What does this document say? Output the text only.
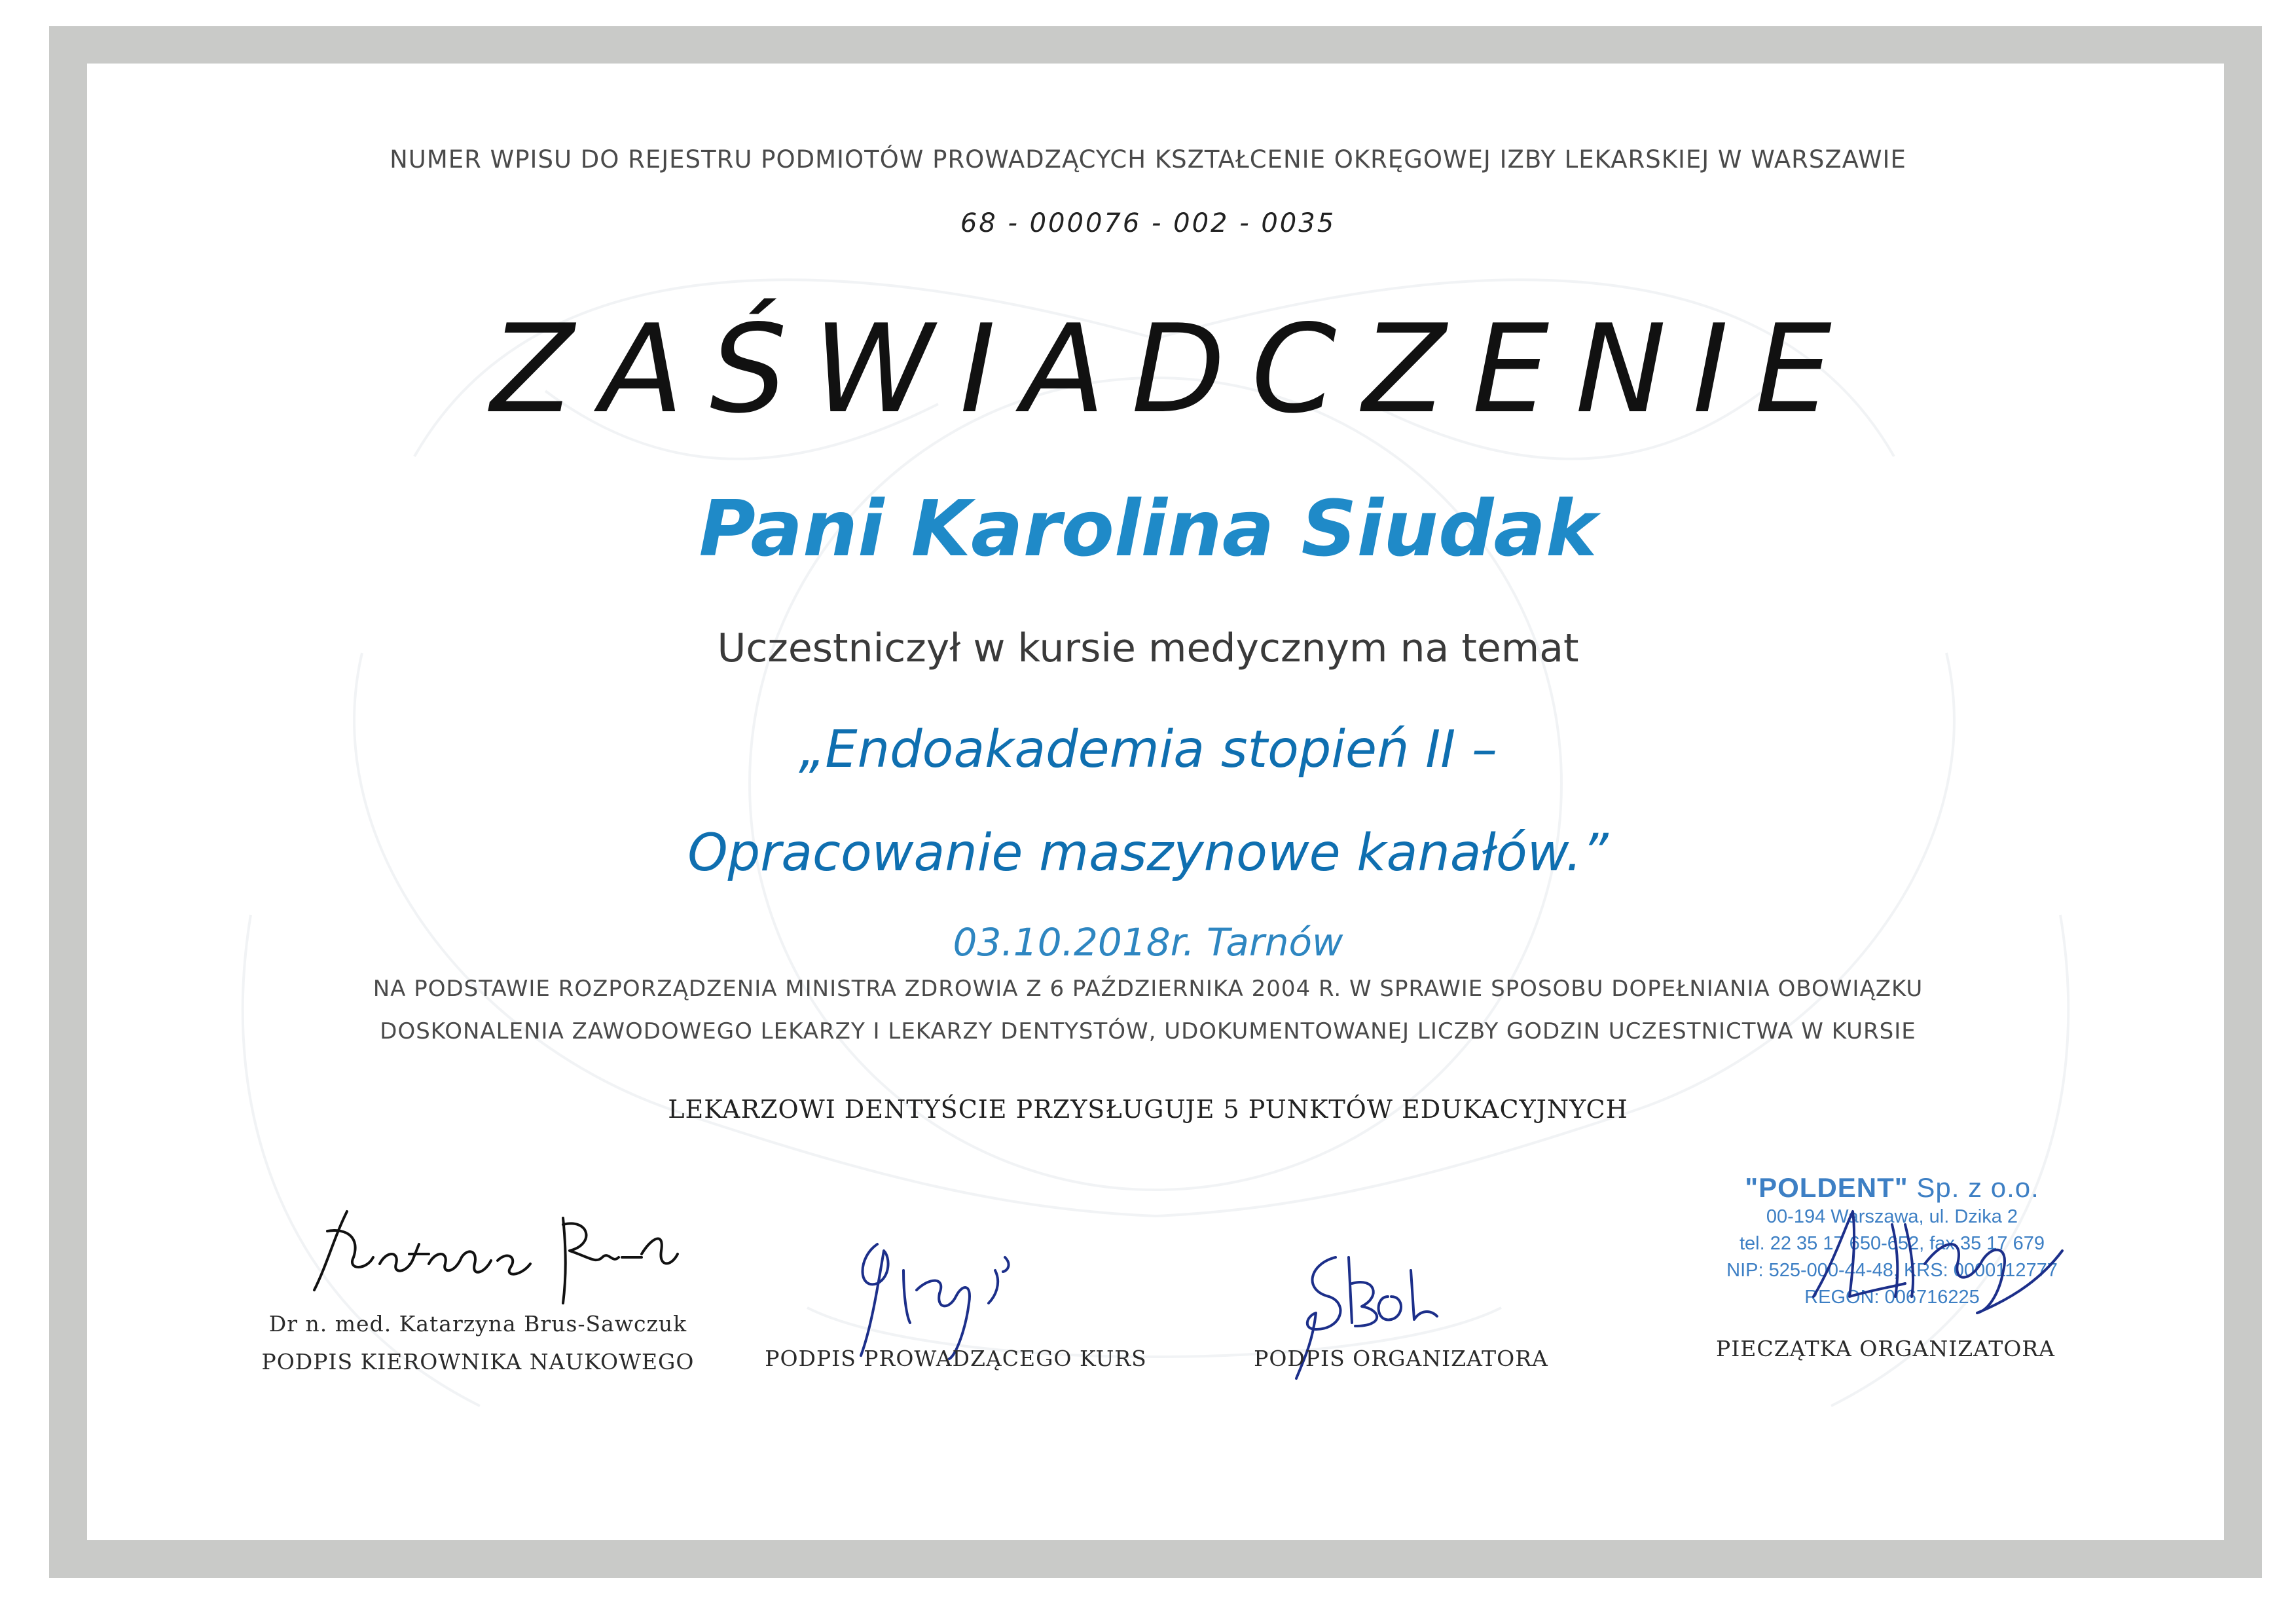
NUMER WPISU DO REJESTRU PODMIOTÓW PROWADZĄCYCH KSZTAŁCENIE OKRĘGOWEJ IZBY LEKARSKIEJ W WARSZAWIE
68 - 000076 - 002 - 0035
ZAŚWIADCZENIE
Pani Karolina Siudak
Uczestniczył w kursie medycznym na temat
„Endoakademia stopień II –
Opracowanie maszynowe kanałów.”
03.10.2018r. Tarnów
NA PODSTAWIE ROZPORZĄDZENIA MINISTRA ZDROWIA Z 6 PAŹDZIERNIKA 2004 R. W SPRAWIE SPOSOBU DOPEŁNIANIA OBOWIĄZKU
DOSKONALENIA ZAWODOWEGO LEKARZY I LEKARZY DENTYSTÓW, UDOKUMENTOWANEJ LICZBY GODZIN UCZESTNICTWA W KURSIE
LEKARZOWI DENTYŚCIE PRZYSŁUGUJE 5 PUNKTÓW EDUKACYJNYCH
"POLDENT" Sp. z o.o.
00-194 Warszawa, ul. Dzika 2
tel. 22 35 17 650-652, fax 35 17 679
NIP: 525-000-44-48, KRS: 0000112777
REGON: 006716225
Dr n. med. Katarzyna Brus-Sawczuk
PODPIS KIEROWNIKA NAUKOWEGO	PODPIS PROWADZĄCEGO KURS	PODPIS ORGANIZATORA	PIECZĄTKA ORGANIZATORA
